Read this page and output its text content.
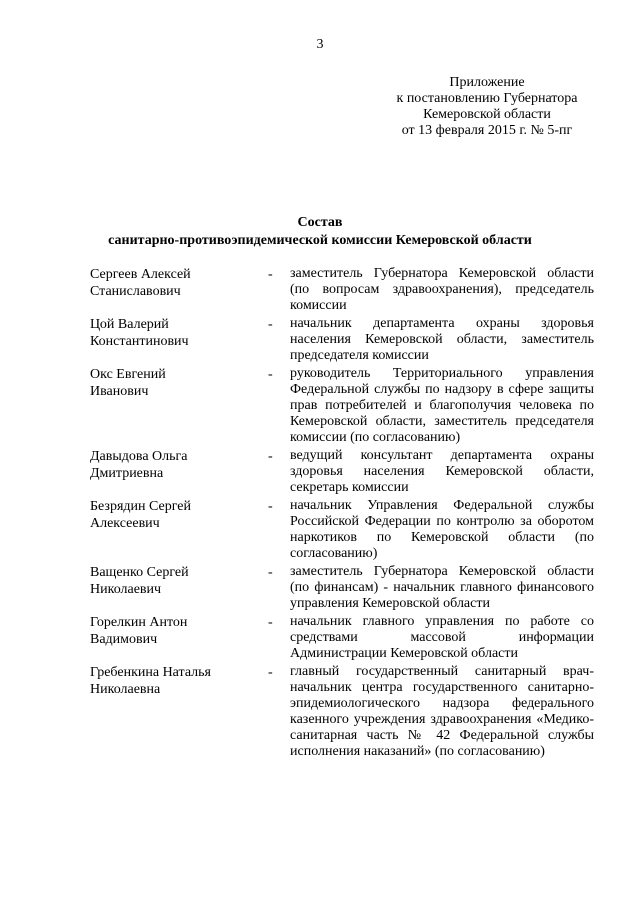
3
Приложение
к постановлению Губернатора
Кемеровской области
от 13 февраля 2015 г. № 5-пг
Состав
санитарно-противоэпидемической комиссии Кемеровской области
Сергеев Алексей
Станиславович
-	заместитель Губернатора Кемеровской области (по вопросам здравоохранения), председатель комиссии
Цой Валерий
Константинович
-	начальник департамента охраны здоровья населения Кемеровской области, заместитель председателя комиссии
Окс Евгений
Иванович
-	руководитель Территориального управления Федеральной службы по надзору в сфере защиты прав потребителей и благополучия человека по Кемеровской области, заместитель председателя комиссии (по согласованию)
Давыдова Ольга
Дмитриевна
-	ведущий консультант департамента охраны здоровья населения Кемеровской области, секретарь комиссии
Безрядин Сергей
Алексеевич
-	начальник Управления Федеральной службы Российской Федерации по контролю за оборотом наркотиков по Кемеровской области (по согласованию)
Ващенко Сергей
Николаевич
-	заместитель Губернатора Кемеровской области (по финансам) - начальник главного финансового управления Кемеровской области
Горелкин Антон
Вадимович
-	начальник главного управления по работе со средствами массовой информации Администрации Кемеровской области
Гребенкина Наталья
Николаевна
-	главный государственный санитарный врач-начальник центра государственного санитарно-эпидемиологического надзора федерального казенного учреждения здравоохранения «Медико-санитарная часть № 42 Федеральной службы исполнения наказаний» (по согласованию)
